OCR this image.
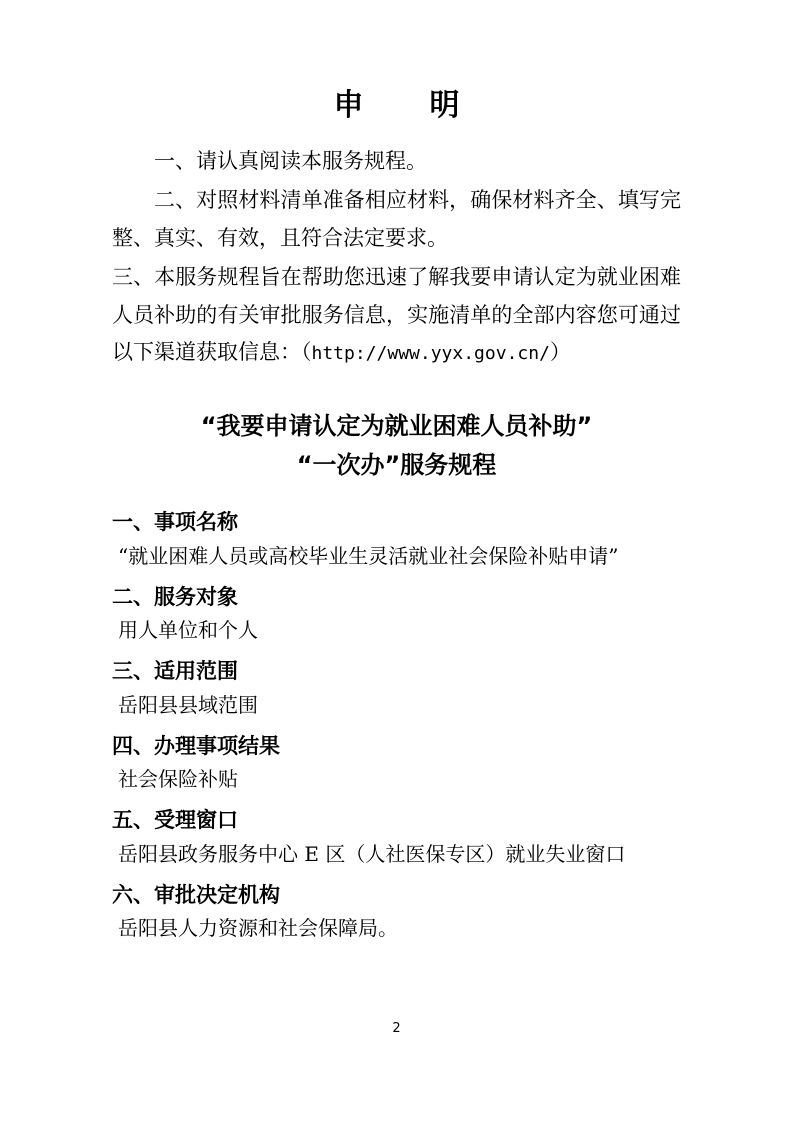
申　明

一、请认真阅读本服务规程。

二、对照材料清单准备相应材料，确保材料齐全、填写完整、真实、有效，且符合法定要求。

三、本服务规程旨在帮助您迅速了解我要申请认定为就业困难人员补助的有关审批服务信息，实施清单的全部内容您可通过以下渠道获取信息：（http://www.yyx.gov.cn/）

“我要申请认定为就业困难人员补助”

“一次办”服务规程

一、事项名称

“就业困难人员或高校毕业生灵活就业社会保险补贴申请”

二、服务对象

用人单位和个人

三、适用范围

岳阳县县域范围

四、办理事项结果

社会保险补贴

五、受理窗口

岳阳县政务服务中心 E 区（人社医保专区）就业失业窗口

六、审批决定机构

岳阳县人力资源和社会保障局。

2
